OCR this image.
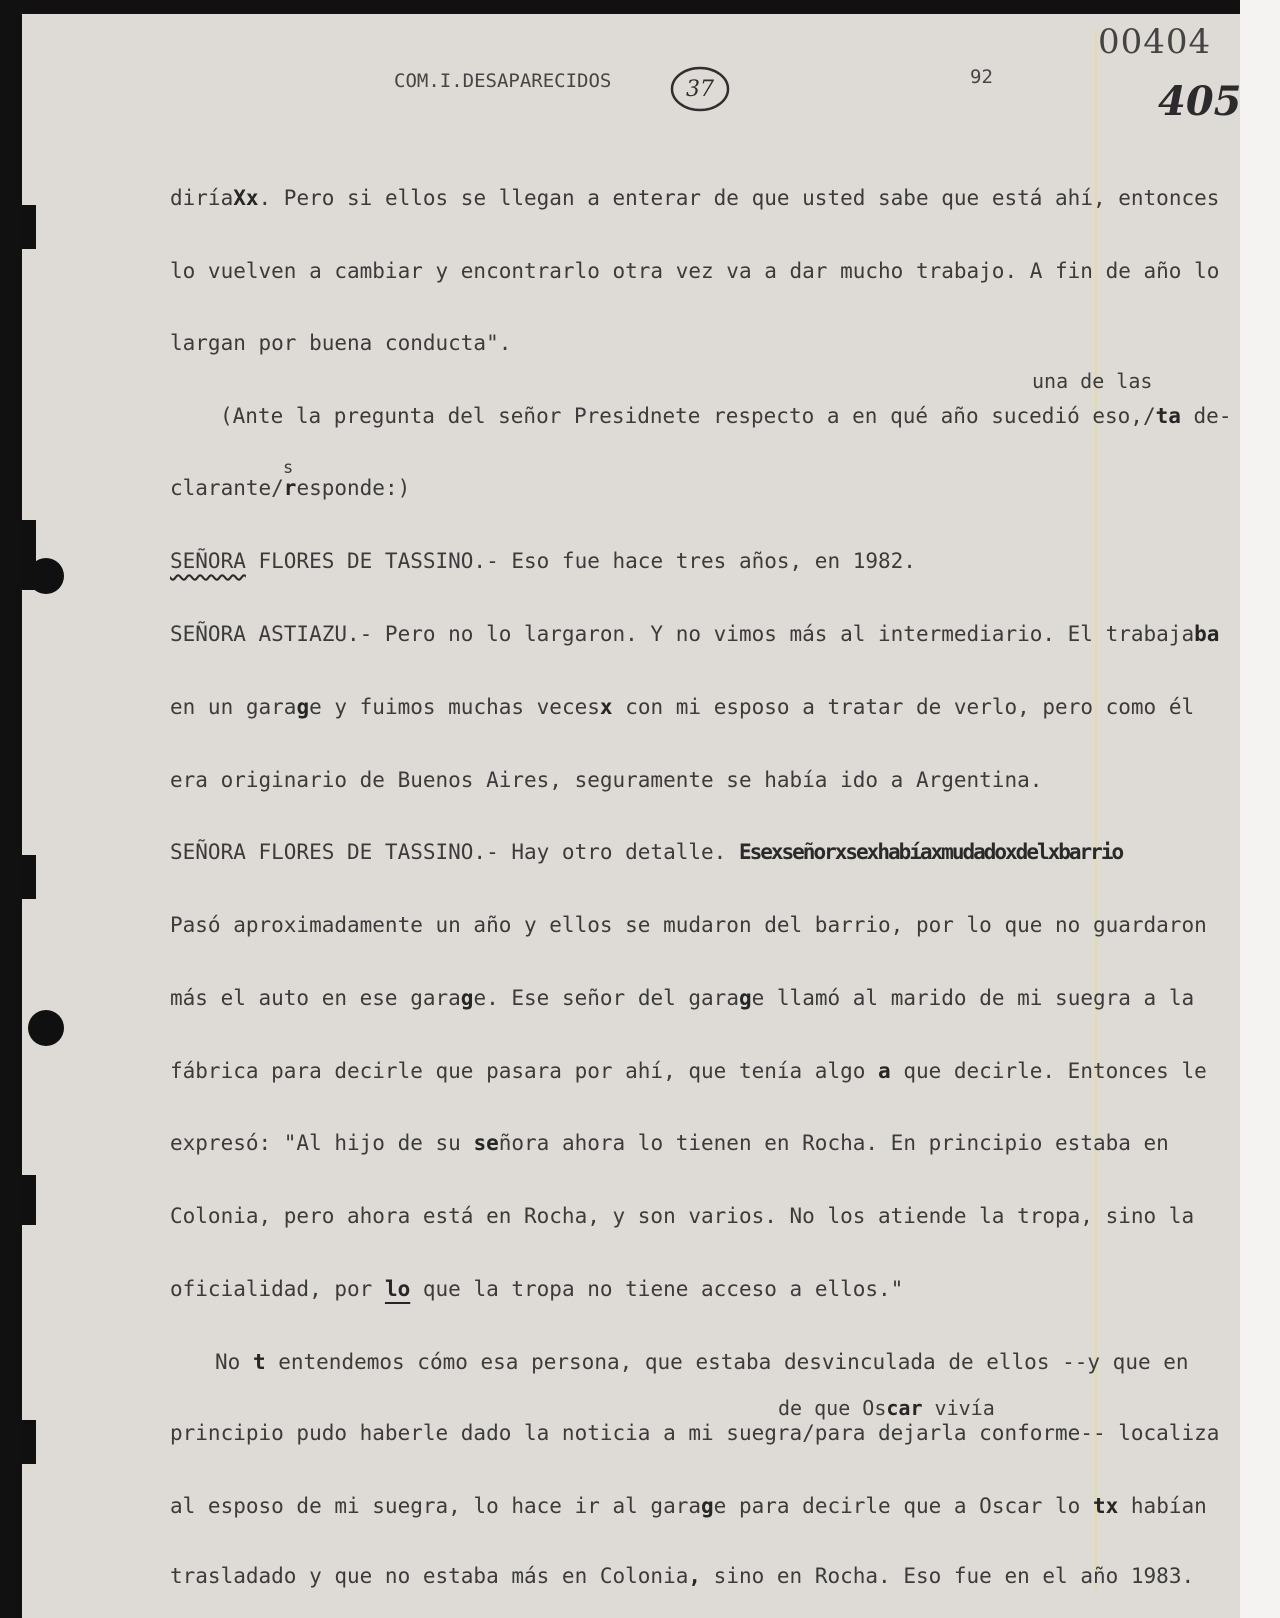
COM.I.DESAPARECIDOS	37	92
00404
405
diríaXx. Pero si ellos se llegan a enterar de que usted sabe que está ahí, entonces
lo vuelven a cambiar y encontrarlo otra vez va a dar mucho trabajo. A fin de año lo
largan por buena conducta".
una de las
(Ante la pregunta del señor Presidnete respecto a en qué año sucedió eso,/ta de-
s
clarante/responde:)
SEÑORA FLORES DE TASSINO.- Eso fue hace tres años, en 1982.
SEÑORA ASTIAZU.- Pero no lo largaron. Y no vimos más al intermediario. El trabajaba
en un garage y fuimos muchas vecesx con mi esposo a tratar de verlo, pero como él
era originario de Buenos Aires, seguramente se había ido a Argentina.
SEÑORA FLORES DE TASSINO.- Hay otro detalle. Esexseñorxsexhabíaxmudadoxdelxbarrio
Pasó aproximadamente un año y ellos se mudaron del barrio, por lo que no guardaron
más el auto en ese garage. Ese señor del garage llamó al marido de mi suegra a la
fábrica para decirle que pasara por ahí, que tenía algo a que decirle. Entonces le
expresó: "Al hijo de su señora ahora lo tienen en Rocha. En principio estaba en
Colonia, pero ahora está en Rocha, y son varios. No los atiende la tropa, sino la
oficialidad, por lo que la tropa no tiene acceso a ellos."
No t entendemos cómo esa persona, que estaba desvinculada de ellos --y que en
de que Oscar vivía
principio pudo haberle dado la noticia a mi suegra/para dejarla conforme-- localiza
al esposo de mi suegra, lo hace ir al garage para decirle que a Oscar lo tx habían
trasladado y que no estaba más en Colonia, sino en Rocha. Eso fue en el año 1983.
